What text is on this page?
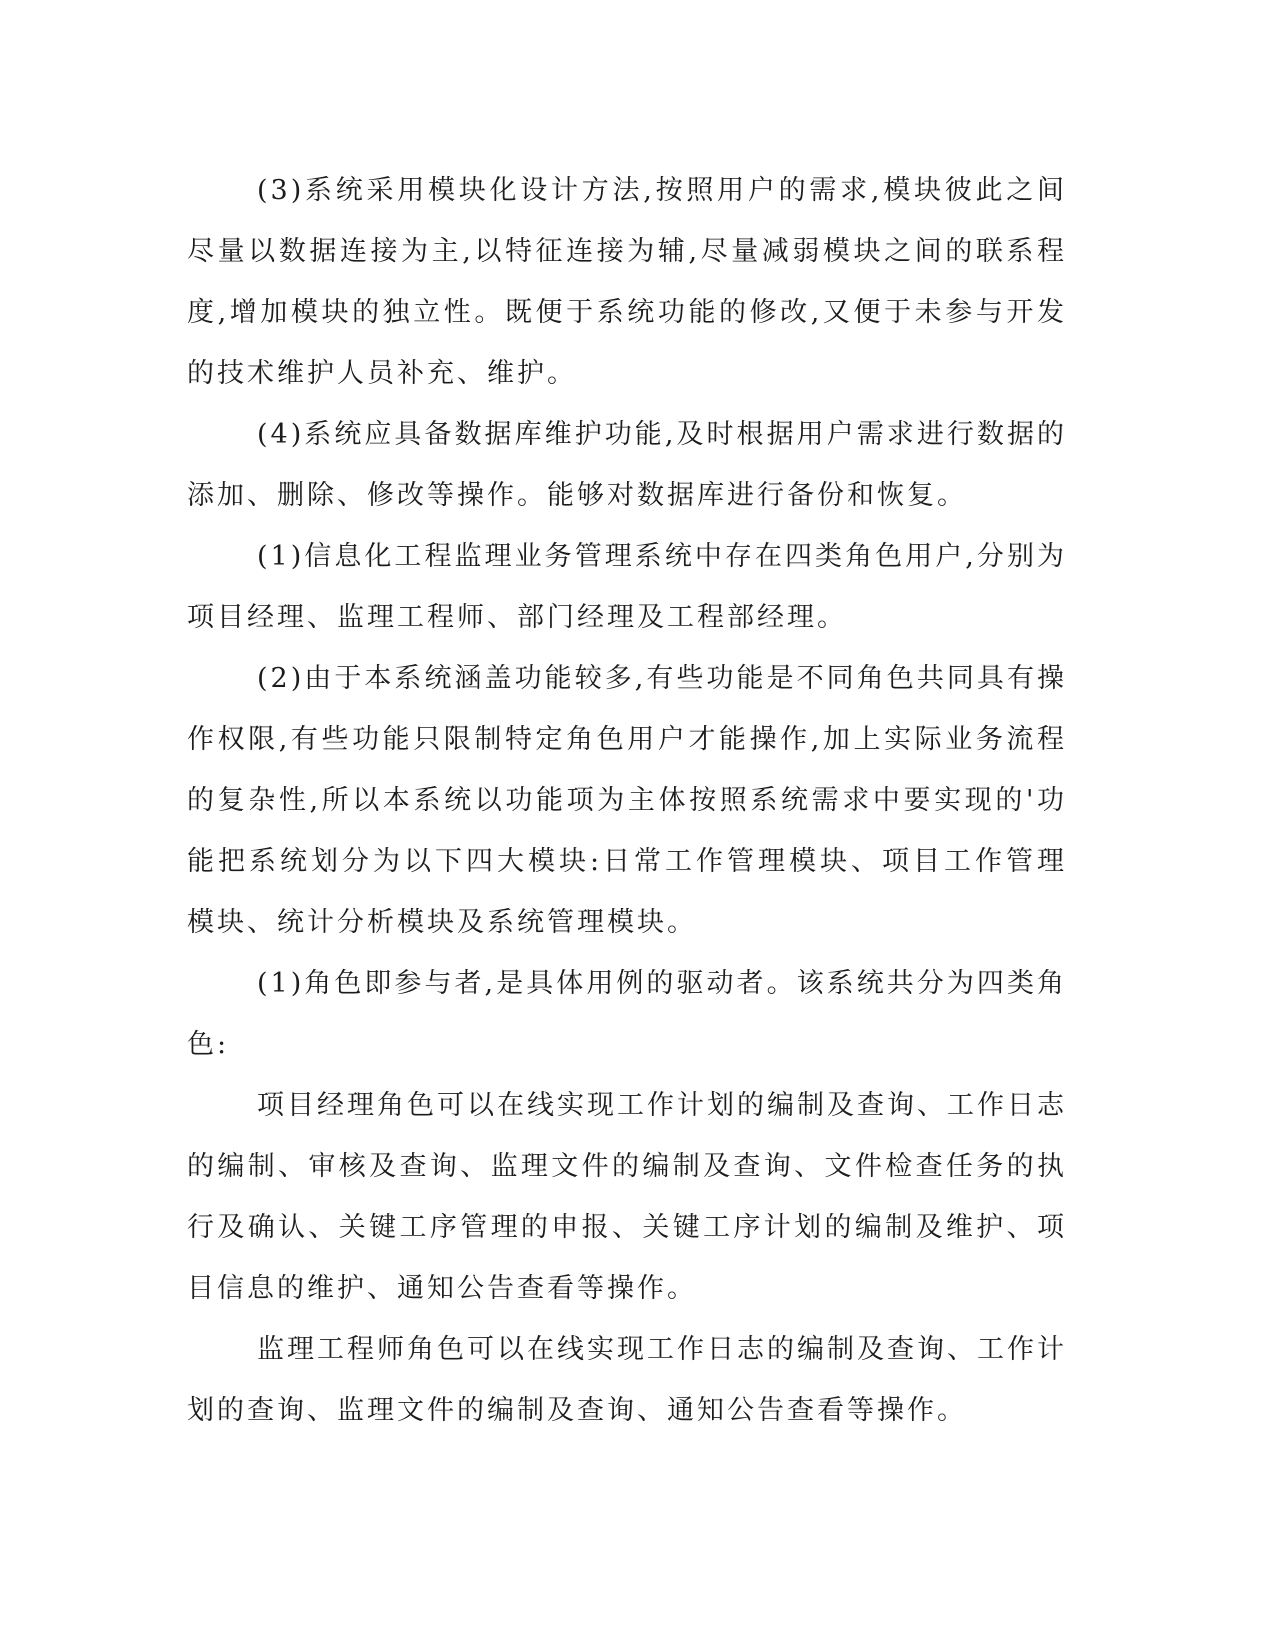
(3)系统采用模块化设计方法,按照用户的需求,模块彼此之间尽量以数据连接为主,以特征连接为辅,尽量减弱模块之间的联系程度,增加模块的独立性。既便于系统功能的修改,又便于未参与开发的技术维护人员补充、维护。

(4)系统应具备数据库维护功能,及时根据用户需求进行数据的添加、删除、修改等操作。能够对数据库进行备份和恢复。

(1)信息化工程监理业务管理系统中存在四类角色用户,分别为项目经理、监理工程师、部门经理及工程部经理。

(2)由于本系统涵盖功能较多,有些功能是不同角色共同具有操作权限,有些功能只限制特定角色用户才能操作,加上实际业务流程的复杂性,所以本系统以功能项为主体按照系统需求中要实现的'功能把系统划分为以下四大模块:日常工作管理模块、项目工作管理模块、统计分析模块及系统管理模块。

(1)角色即参与者,是具体用例的驱动者。该系统共分为四类角色:

项目经理角色可以在线实现工作计划的编制及查询、工作日志的编制、审核及查询、监理文件的编制及查询、文件检查任务的执行及确认、关键工序管理的申报、关键工序计划的编制及维护、项目信息的维护、通知公告查看等操作。

监理工程师角色可以在线实现工作日志的编制及查询、工作计划的查询、监理文件的编制及查询、通知公告查看等操作。
